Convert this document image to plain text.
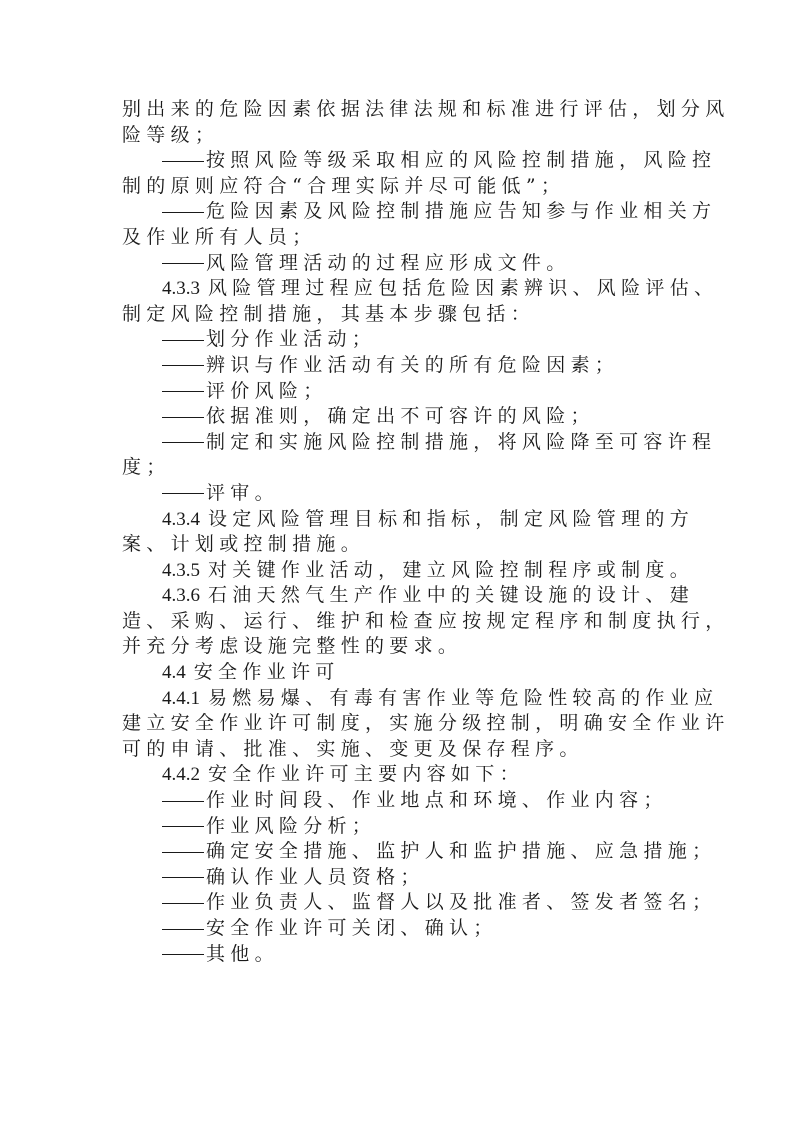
别出来的危险因素依据法律法规和标准进行评估，划分风
险等级；
按照风险等级采取相应的风险控制措施，风险控
制的原则应符合“合理实际并尽可能低”；
危险因素及风险控制措施应告知参与作业相关方
及作业所有人员；
风险管理活动的过程应形成文件。
4.3.3 风险管理过程应包括危险因素辨识、风险评估、
制定风险控制措施，其基本步骤包括：
划分作业活动；
辨识与作业活动有关的所有危险因素；
评价风险；
依据准则，确定出不可容许的风险；
制定和实施风险控制措施，将风险降至可容许程
度；
评审。
4.3.4 设定风险管理目标和指标，制定风险管理的方
案、计划或控制措施。
4.3.5 对关键作业活动，建立风险控制程序或制度。
4.3.6 石油天然气生产作业中的关键设施的设计、建
造、采购、运行、维护和检查应按规定程序和制度执行，
并充分考虑设施完整性的要求。
4.4 安全作业许可
4.4.1 易燃易爆、有毒有害作业等危险性较高的作业应
建立安全作业许可制度，实施分级控制，明确安全作业许
可的申请、批准、实施、变更及保存程序。
4.4.2 安全作业许可主要内容如下：
作业时间段、作业地点和环境、作业内容；
作业风险分析；
确定安全措施、监护人和监护措施、应急措施；
确认作业人员资格；
作业负责人、监督人以及批准者、签发者签名；
安全作业许可关闭、确认；
其他。
